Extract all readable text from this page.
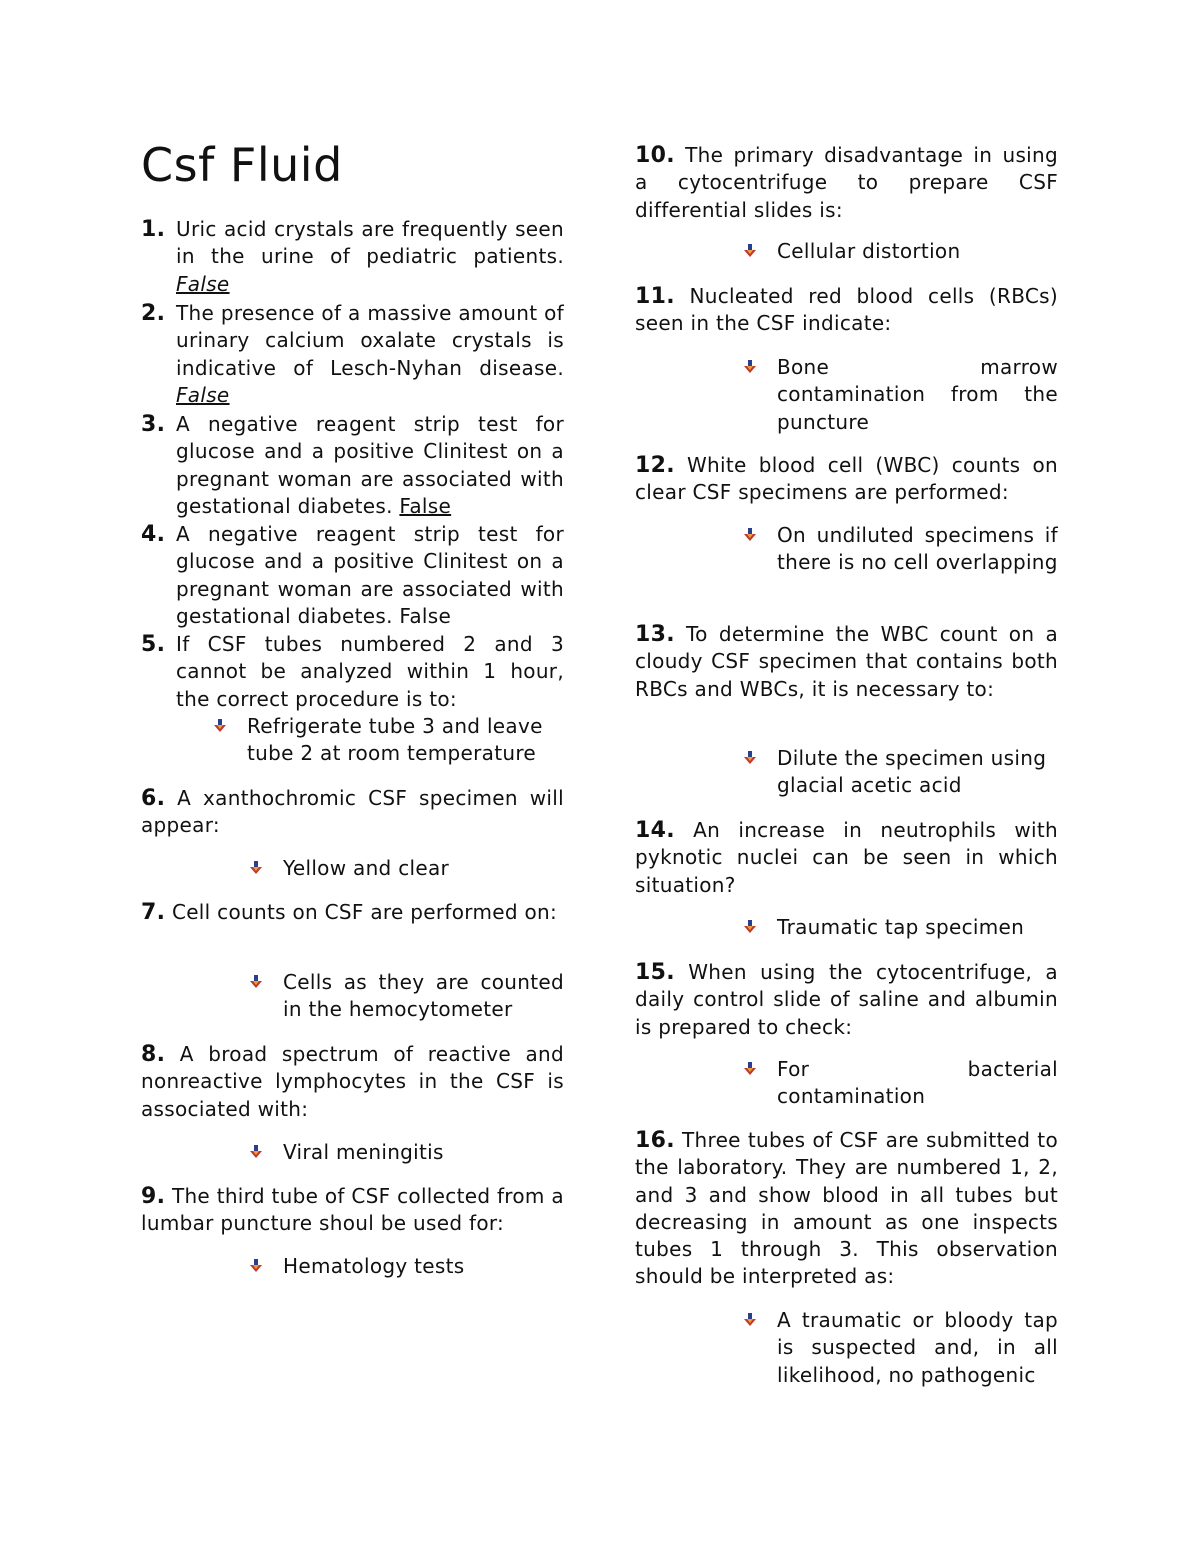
Csf Fluid
1. Uric acid crystals are frequently seen in the urine of pediatric patients. False
2. The presence of a massive amount of urinary calcium oxalate crystals is indicative of Lesch-Nyhan disease. False
3. A negative reagent strip test for glucose and a positive Clinitest on a pregnant woman are associated with gestational diabetes. False
4. A negative reagent strip test for glucose and a positive Clinitest on a pregnant woman are associated with gestational diabetes. False
5. If CSF tubes numbered 2 and 3 cannot be analyzed within 1 hour, the correct procedure is to:
Refrigerate tube 3 and leave tube 2 at room temperature
6. A xanthochromic CSF specimen will appear:
Yellow and clear
7. Cell counts on CSF are performed on:
Cells as they are counted in the hemocytometer
8. A broad spectrum of reactive and nonreactive lymphocytes in the CSF is associated with:
Viral meningitis
9. The third tube of CSF collected from a lumbar puncture shoul be used for:
Hematology tests
10. The primary disadvantage in using a cytocentrifuge to prepare CSF differential slides is:
Cellular distortion
11. Nucleated red blood cells (RBCs) seen in the CSF indicate:
Bone marrow contamination from the puncture
12. White blood cell (WBC) counts on clear CSF specimens are performed:
On undiluted specimens if there is no cell overlapping
13. To determine the WBC count on a cloudy CSF specimen that contains both RBCs and WBCs, it is necessary to:
Dilute the specimen using glacial acetic acid
14. An increase in neutrophils with pyknotic nuclei can be seen in which situation?
Traumatic tap specimen
15. When using the cytocentrifuge, a daily control slide of saline and albumin is prepared to check:
For bacterial contamination
16. Three tubes of CSF are submitted to the laboratory. They are numbered 1, 2, and 3 and show blood in all tubes but decreasing in amount as one inspects tubes 1 through 3. This observation should be interpreted as:
A traumatic or bloody tap is suspected and, in all likelihood, no pathogenic
